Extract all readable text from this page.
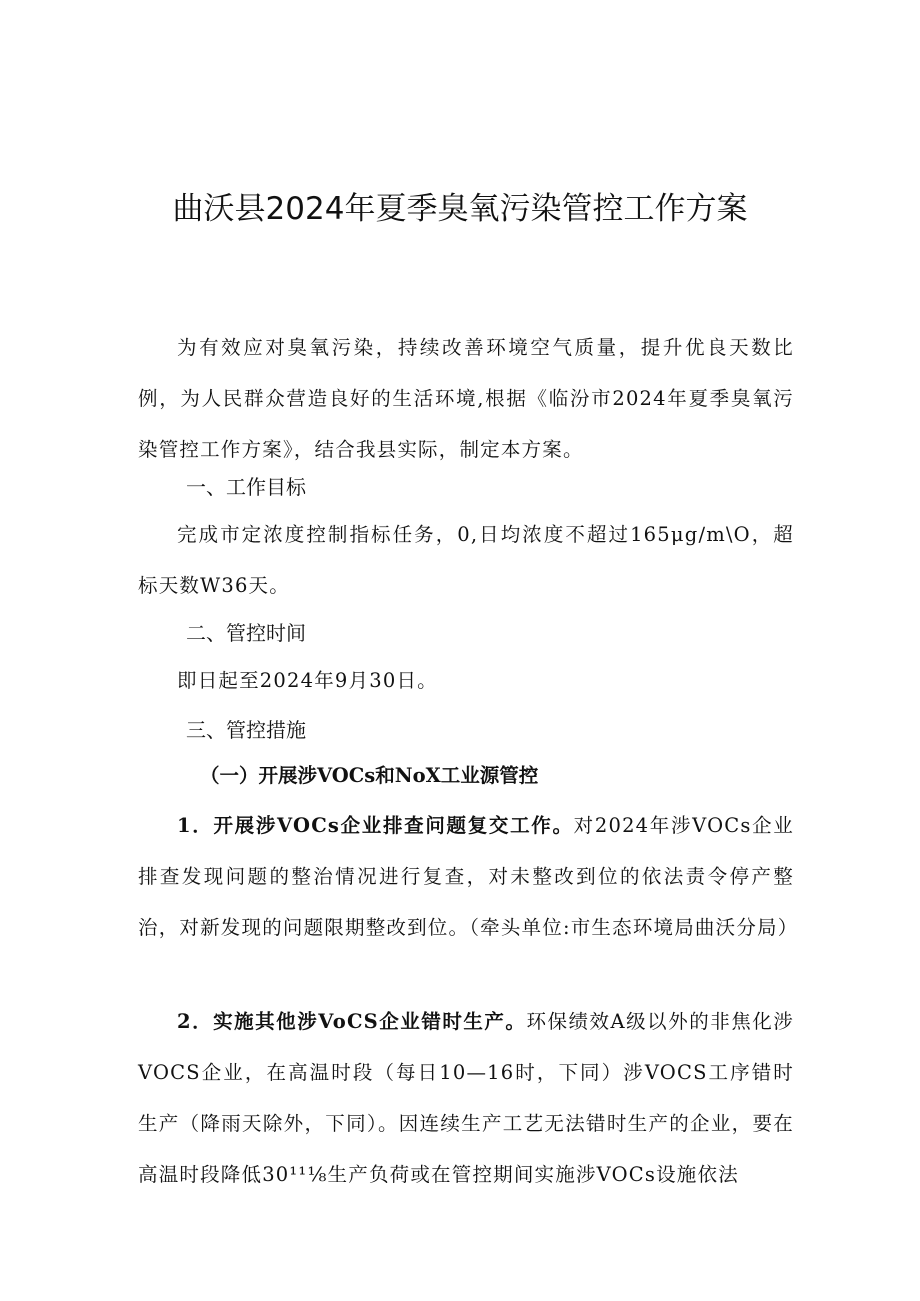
曲沃县2024年夏季臭氧污染管控工作方案

为有效应对臭氧污染，持续改善环境空气质量，提升优良天数比例，为人民群众营造良好的生活环境,根据《临汾市2024年夏季臭氧污染管控工作方案》，结合我县实际，制定本方案。

一、工作目标

完成市定浓度控制指标任务，0,日均浓度不超过165μg∕m\O，超标天数W36天。

二、管控时间

即日起至2024年9月30日。

三、管控措施
（一）开展涉VOCs和NoX工业源管控

1．开展涉VOCs企业排查问题复交工作。对2024年涉VOCs企业排查发现问题的整治情况进行复查，对未整改到位的依法责令停产整治，对新发现的问题限期整改到位。（牵头单位:市生态环境局曲沃分局）

2．实施其他涉VoCS企业错时生产。环保绩效A级以外的非焦化涉VOCS企业，在高温时段（每日10—16时，下同）涉VOCS工序错时生产（降雨天除外，下同）。因连续生产工艺无法错时生产的企业，要在高温时段降低30¹¹⅛生产负荷或在管控期间实施涉VOCs设施依法
